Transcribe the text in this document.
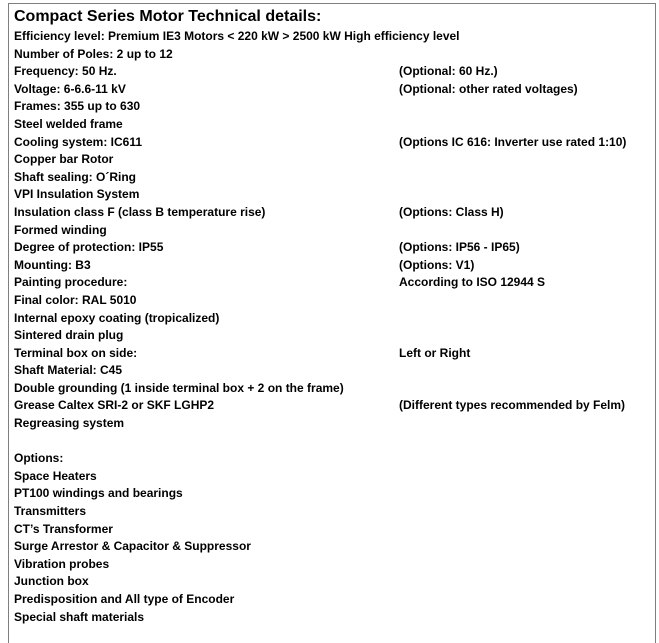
Compact Series Motor Technical details:
Efficiency level: Premium IE3 Motors < 220 kW > 2500 kW High efficiency level
Number of Poles: 2 up to 12
Frequency: 50 Hz.	(Optional: 60 Hz.)
Voltage: 6-6.6-11 kV	(Optional: other rated voltages)
Frames: 355 up to 630
Steel welded frame
Cooling system: IC611	(Options IC 616: Inverter use rated 1:10)
Copper bar Rotor
Shaft sealing: O´Ring
VPI Insulation System
Insulation class F (class B temperature rise)	(Options: Class H)
Formed winding
Degree of protection: IP55	(Options: IP56 - IP65)
Mounting: B3	(Options: V1)
Painting procedure:	According to ISO 12944 S
Final color: RAL 5010
Internal epoxy coating (tropicalized)
Sintered drain plug
Terminal box on side:	Left or Right
Shaft Material: C45
Double grounding (1 inside terminal box + 2 on the frame)
Grease Caltex SRI-2 or SKF LGHP2	(Different types recommended by Felm)
Regreasing system
Options:
Space Heaters
PT100 windings and bearings
Transmitters
CT’s Transformer
Surge Arrestor & Capacitor & Suppressor
Vibration probes
Junction box
Predisposition and All type of Encoder
Special shaft materials
